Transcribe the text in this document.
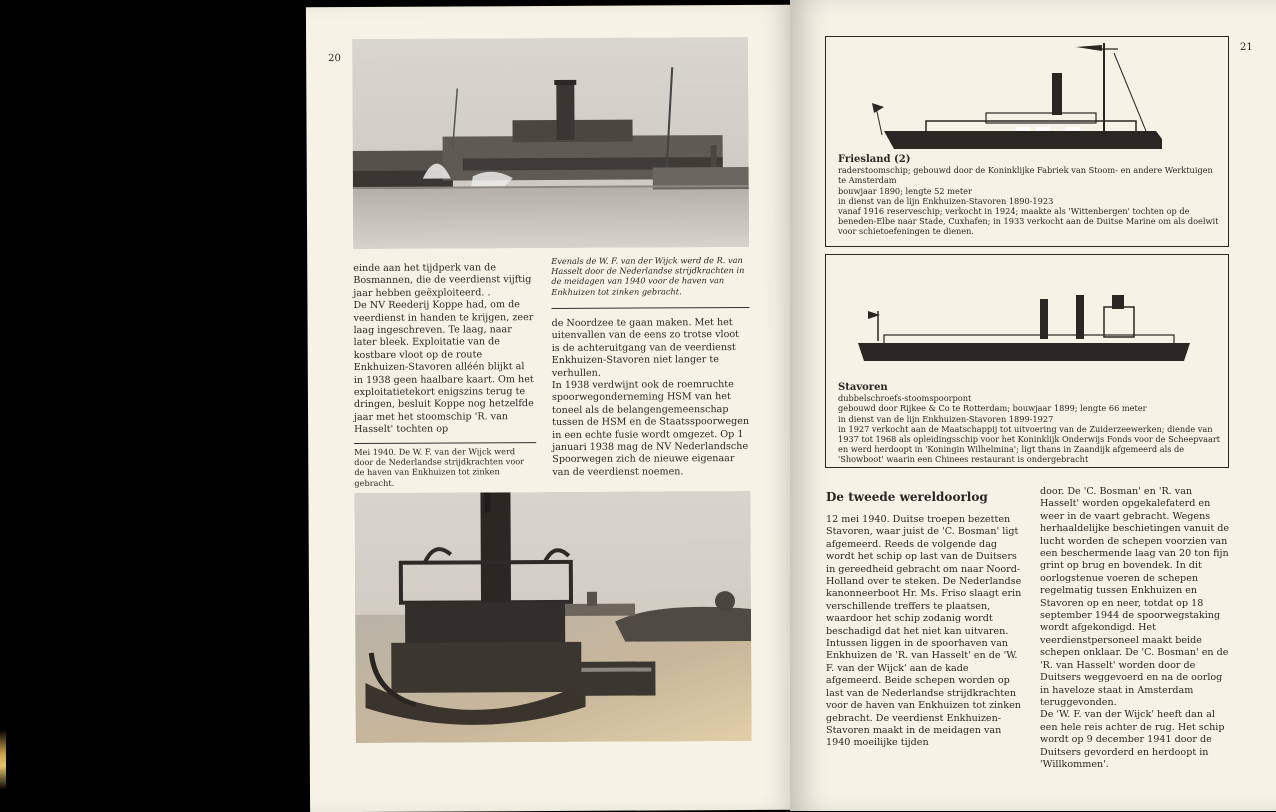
20

einde aan het tijdperk van de Bosmannen, die de veerdienst vijftig jaar hebben geëxploiteerd. .
De NV Reederij Koppe had, om de veerdienst in handen te krijgen, zeer laag ingeschreven. Te laag, naar later bleek. Exploitatie van de kostbare vloot op de route Enkhuizen-Stavoren alléén blijkt al in 1938 geen haalbare kaart. Om het exploitatietekort enigszins terug te dringen, besluit Koppe nog hetzelfde jaar met het stoomschip 'R. van Hasselt' tochten op

Evenals de W. F. van der Wijck werd de R. van Hasselt door de Nederlandse strijdkrachten in de meidagen van 1940 voor de haven van Enkhuizen tot zinken gebracht.

de Noordzee te gaan maken. Met het uitenvallen van de eens zo trotse vloot is de achteruitgang van de veerdienst Enkhuizen-Stavoren niet langer te verhullen.
In 1938 verdwijnt ook de roemruchte spoorwegonderneming HSM van het toneel als de belangengemeenschap tussen de HSM en de Staatsspoorwegen in een echte fusie wordt omgezet. Op 1 januari 1938 mag de NV Nederlandsche Spoorwegen zich de nieuwe eigenaar van de veerdienst noemen.

Mei 1940. De W. F. van der Wijck werd door de Nederlandse strijdkrachten voor de haven van Enkhuizen tot zinken gebracht.

21
Friesland (2)
raderstoomschip; gebouwd door de Koninklijke Fabriek van Stoom- en andere Werktuigen te Amsterdam
bouwjaar 1890; lengte 52 meter
in dienst van de lijn Enkhuizen-Stavoren 1890-1923
vanaf 1916 reserveschip; verkocht in 1924; maakte als 'Wittenbergen' tochten op de beneden-Elbe naar Stade, Cuxhafen; in 1933 verkocht aan de Duitse Marine om als doelwit voor schietoefeningen te dienen.
Stavoren
dubbelschroefs-stoomspoorpont
gebouwd door Rijkee & Co te Rotterdam; bouwjaar 1899; lengte 66 meter
in dienst van de lijn Enkhuizen-Stavoren 1899-1927
in 1927 verkocht aan de Maatschappij tot uitvoering van de Zuiderzeewerken; diende van 1937 tot 1968 als opleidingsschip voor het Koninklijk Onderwijs Fonds voor de Scheepvaart en werd herdoopt in 'Koningin Wilhelmina'; ligt thans in Zaandijk afgemeerd als de 'Showboot' waarin een Chinees restaurant is ondergebracht
De tweede wereldoorlog

12 mei 1940. Duitse troepen bezetten Stavoren, waar juist de 'C. Bosman' ligt afgemeerd. Reeds de volgende dag wordt het schip op last van de Duitsers in gereedheid gebracht om naar Noord-Holland over te steken. De Nederlandse kanonneerboot Hr. Ms. Friso slaagt erin verschillende treffers te plaatsen, waardoor het schip zodanig wordt beschadigd dat het niet kan uitvaren.
Intussen liggen in de spoorhaven van Enkhuizen de 'R. van Hasselt' en de 'W. F. van der Wijck' aan de kade afgemeerd. Beide schepen worden op last van de Nederlandse strijdkrachten voor de haven van Enkhuizen tot zinken gebracht. De veerdienst Enkhuizen-Stavoren maakt in de meidagen van 1940 moeilijke tijden

door. De 'C. Bosman' en 'R. van Hasselt' worden opgekalefaterd en weer in de vaart gebracht. Wegens herhaaldelijke beschietingen vanuit de lucht worden de schepen voorzien van een beschermende laag van 20 ton fijn grint op brug en bovendek. In dit oorlogstenue voeren de schepen regelmatig tussen Enkhuizen en Stavoren op en neer, totdat op 18 september 1944 de spoorwegstaking wordt afgekondigd. Het veerdienstpersoneel maakt beide schepen onklaar. De 'C. Bosman' en de 'R. van Hasselt' worden door de Duitsers weggevoerd en na de oorlog in haveloze staat in Amsterdam teruggevonden.
De 'W. F. van der Wijck' heeft dan al een hele reis achter de rug. Het schip wordt op 9 december 1941 door de Duitsers gevorderd en herdoopt in 'Willkommen'.
